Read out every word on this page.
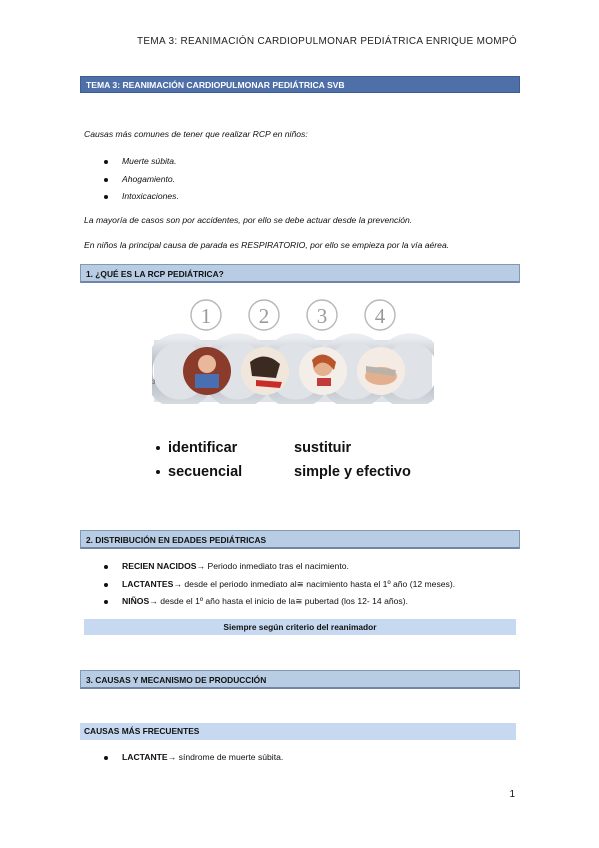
TEMA 3: REANIMACIÓN CARDIOPULMONAR PEDIÁTRICA ENRIQUE MOMPÓ
TEMA 3: REANIMACIÓN CARDIOPULMONAR PEDIÁTRICA SVB
Causas más comunes de tener que realizar RCP en niños:
Muerte súbita.
Ahogamiento.
Intoxicaciones.
La mayoría de casos son por accidentes, por ello se debe actuar desde la prevención.
En niños la principal causa de parada es RESPIRATORIO, por ello se empieza por la vía aérea.
1. ¿QUÉ ES LA RCP PEDIÁTRICA?
1 2 3 4
3
identificar
secuencial
sustituir
simple y efectivo
2. DISTRIBUCIÓN EN EDADES PEDIÁTRICAS
RECIEN NACIDOS→ Periodo inmediato tras el nacimiento.
LACTANTES→ desde el periodo inmediato al≅ nacimiento hasta el 1º año (12 meses).
NIÑOS→ desde el 1º año hasta el inicio de la≅ pubertad (los 12- 14 años).
Siempre según criterio del reanimador
3. CAUSAS Y MECANISMO DE PRODUCCIÓN
CAUSAS MÁS FRECUENTES
LACTANTE→ síndrome de muerte súbita.
1
